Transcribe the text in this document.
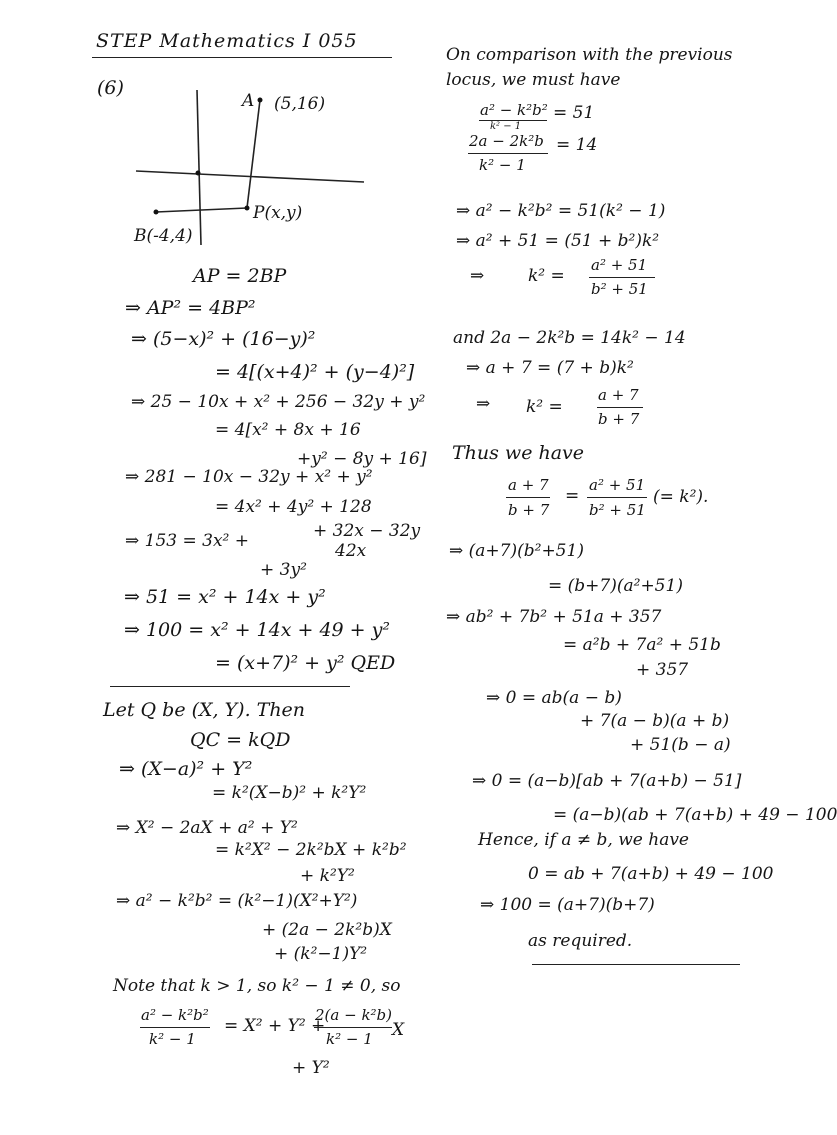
STEP Mathematics I 055
(6)
A (5,16)
P(x,y)
B(-4,4)
AP = 2BP
⇒ AP² = 4BP²
⇒ (5−x)² + (16−y)²
= 4[(x+4)² + (y−4)²]
⇒ 25 − 10x + x² + 256 − 32y + y²
= 4[x² + 8x + 16
+y² − 8y + 16]
⇒ 281 − 10x − 32y + x² + y²
= 4x² + 4y² + 128
+ 32x − 32y
⇒ 153 = 3x² +	42x
+ 3y²
⇒ 51 = x² + 14x + y²
⇒ 100 = x² + 14x + 49 + y²
= (x+7)² + y² QED
Let Q be (X, Y). Then
QC = kQD
⇒ (X−a)² + Y²
= k²(X−b)² + k²Y²
⇒ X² − 2aX + a² + Y²
= k²X² − 2k²bX + k²b²
+ k²Y²
⇒ a² − k²b² = (k²−1)(X²+Y²)
+ (2a − 2k²b)X
+ (k²−1)Y²
Note that k > 1, so k² − 1 ≠ 0, so
a² − k²b²
k² − 1
= X² + Y² +
2(a − k²b)
k² − 1 X
+ Y²
On comparison with the previous
locus, we must have
a² − k²b²
k² − 1
= 51
2a − 2k²b
k² − 1
= 14
⇒ a² − k²b² = 51(k² − 1)
⇒ a² + 51 = (51 + b²)k²
⇒	k² =
a² + 51
b² + 51
and 2a − 2k²b = 14k² − 14
⇒ a + 7 = (7 + b)k²
⇒ k² =
a + 7
b + 7
Thus we have
a + 7
b + 7
=
a² + 51
b² + 51
(= k²).
⇒ (a+7)(b²+51)
= (b+7)(a²+51)
⇒ ab² + 7b² + 51a + 357
= a²b + 7a² + 51b
+ 357
⇒ 0 = ab(a − b)
+ 7(a − b)(a + b)
+ 51(b − a)
⇒ 0 = (a−b)[ab + 7(a+b) − 51]
= (a−b)(ab + 7(a+b) + 49 − 100
Hence, if a ≠ b, we have
0 = ab + 7(a+b) + 49 − 100
⇒ 100 = (a+7)(b+7)
as required.
